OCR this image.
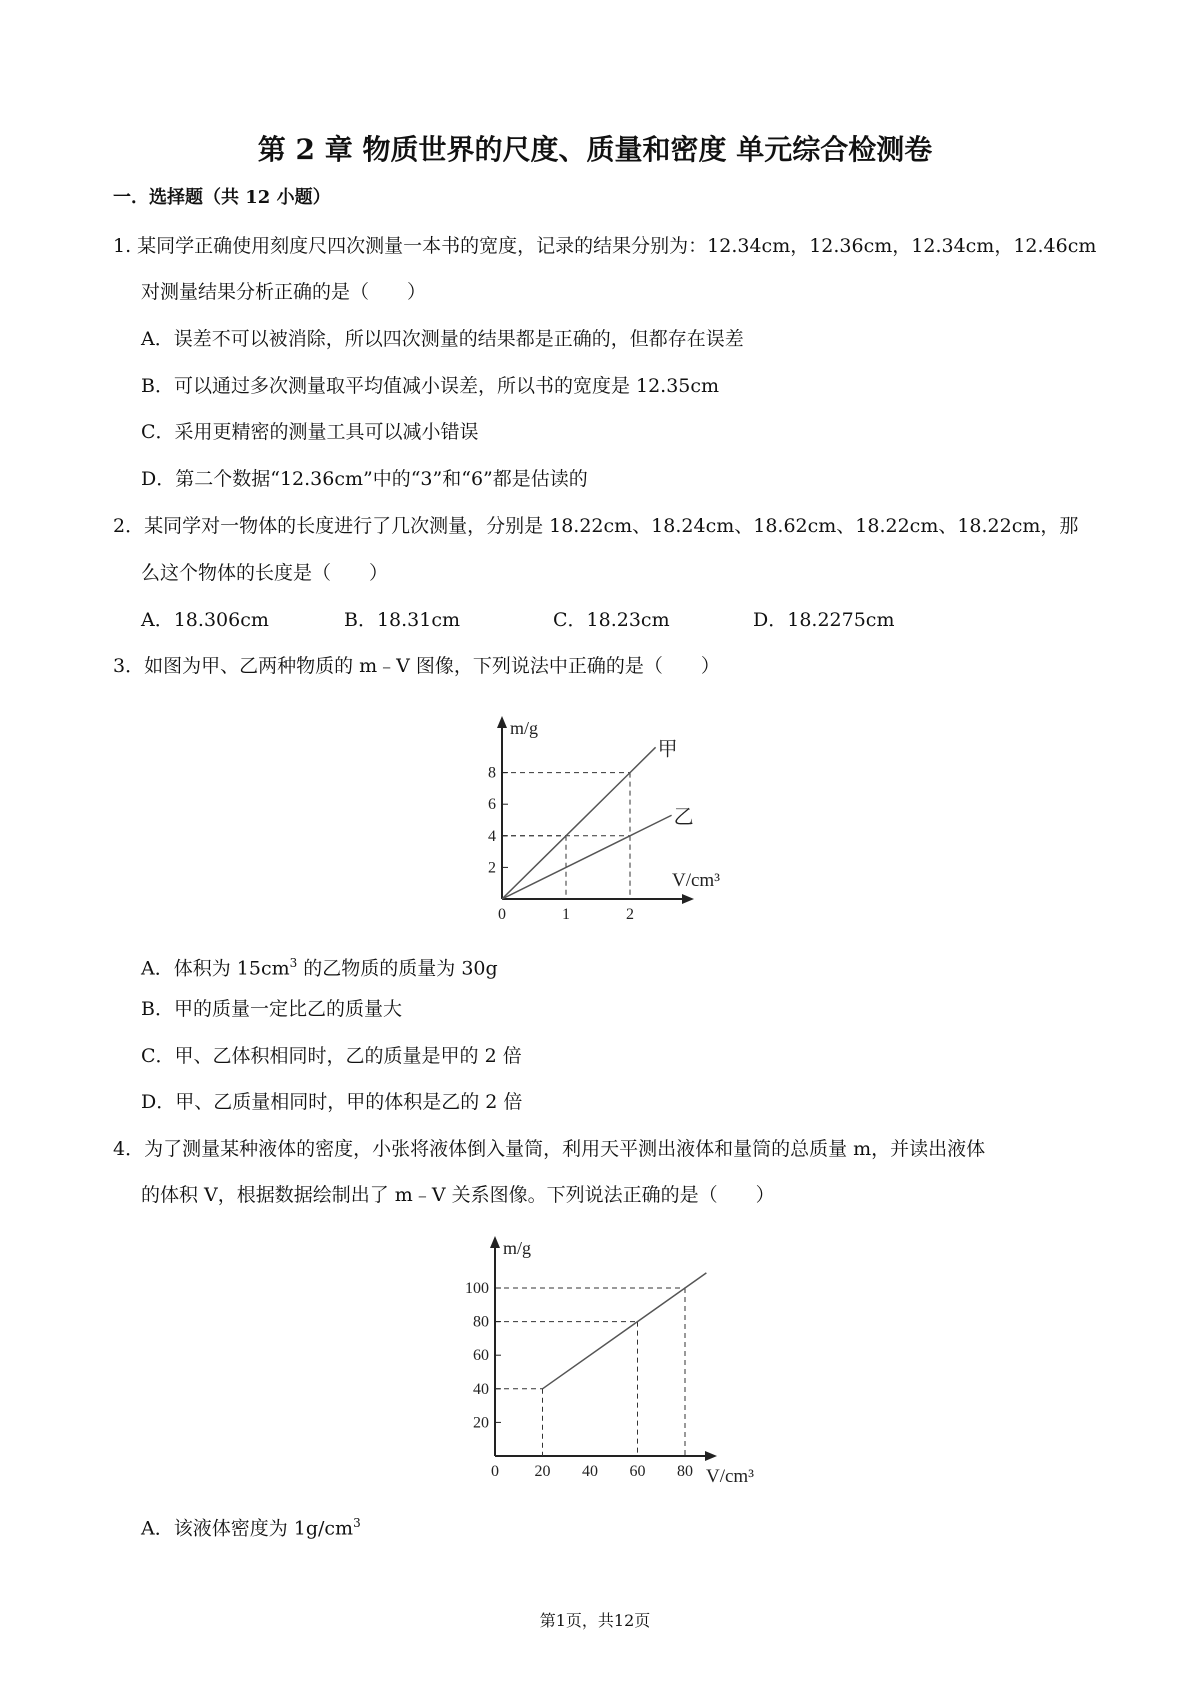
第 2 章 物质世界的尺度、质量和密度 单元综合检测卷
一．选择题（共 12 小题）
1. 某同学正确使用刻度尺四次测量一本书的宽度，记录的结果分别为：12.34cm，12.36cm，12.34cm，12.46cm
对测量结果分析正确的是（　　）
A．误差不可以被消除，所以四次测量的结果都是正确的，但都存在误差
B．可以通过多次测量取平均值减小误差，所以书的宽度是 12.35cm
C．采用更精密的测量工具可以减小错误
D．第二个数据“12.36cm”中的“3”和“6”都是估读的
2．某同学对一物体的长度进行了几次测量，分别是 18.22cm、18.24cm、18.62cm、18.22cm、18.22cm，那
么这个物体的长度是（　　）
A．18.306cm	B．18.31cm	C．18.23cm	D．18.2275cm
3．如图为甲、乙两种物质的 m﹣V 图像，下列说法中正确的是（　　）
甲
乙
0	1	2
2
4
6
8
m/g
V/cm³
A．体积为 $15cm^3$ 的乙物质的质量为 30g
B．甲的质量一定比乙的质量大
C．甲、乙体积相同时，乙的质量是甲的 2 倍
D．甲、乙质量相同时，甲的体积是乙的 2 倍
4．为了测量某种液体的密度，小张将液体倒入量筒，利用天平测出液体和量筒的总质量 m，并读出液体
的体积 V，根据数据绘制出了 m﹣V 关系图像。下列说法正确的是（　　）
0 20 40 60 80
20
40
60
80
100
m/g
V/cm³
A．该液体密度为 $1g/cm^3$
第1页，共12页
